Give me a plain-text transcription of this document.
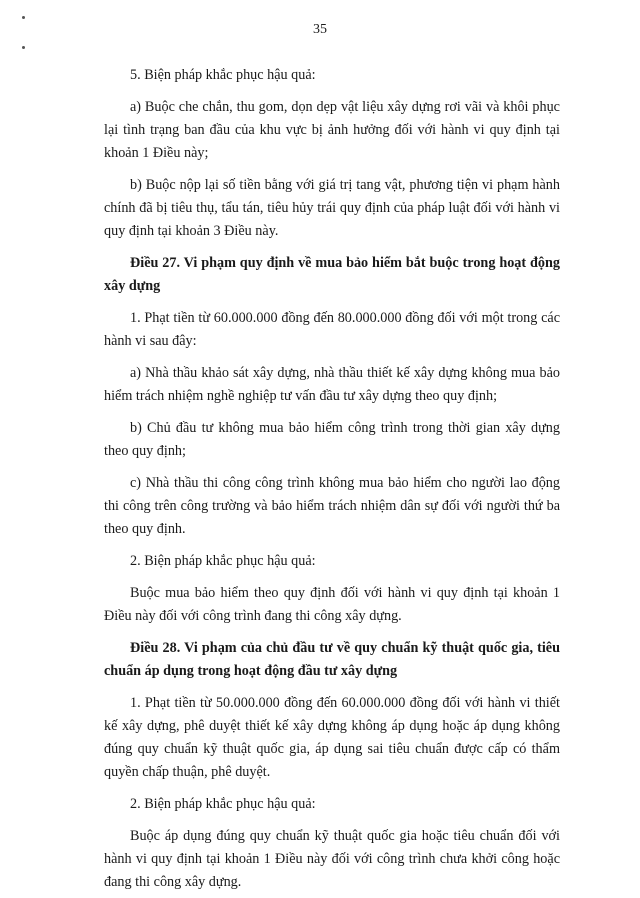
35

5. Biện pháp khắc phục hậu quả:

a) Buộc che chắn, thu gom, dọn dẹp vật liệu xây dựng rơi vãi và khôi phục lại tình trạng ban đầu của khu vực bị ảnh hưởng đối với hành vi quy định tại khoản 1 Điều này;

b) Buộc nộp lại số tiền bằng với giá trị tang vật, phương tiện vi phạm hành chính đã bị tiêu thụ, tẩu tán, tiêu hủy trái quy định của pháp luật đối với hành vi quy định tại khoản 3 Điều này.

Điều 27. Vi phạm quy định về mua bảo hiểm bắt buộc trong hoạt động xây dựng

1. Phạt tiền từ 60.000.000 đồng đến 80.000.000 đồng đối với một trong các hành vi sau đây:

a) Nhà thầu khảo sát xây dựng, nhà thầu thiết kế xây dựng không mua bảo hiểm trách nhiệm nghề nghiệp tư vấn đầu tư xây dựng theo quy định;

b) Chủ đầu tư không mua bảo hiểm công trình trong thời gian xây dựng theo quy định;

c) Nhà thầu thi công công trình không mua bảo hiểm cho người lao động thi công trên công trường và bảo hiểm trách nhiệm dân sự đối với người thứ ba theo quy định.

2. Biện pháp khắc phục hậu quả:

Buộc mua bảo hiểm theo quy định đối với hành vi quy định tại khoản 1 Điều này đối với công trình đang thi công xây dựng.

Điều 28. Vi phạm của chủ đầu tư về quy chuẩn kỹ thuật quốc gia, tiêu chuẩn áp dụng trong hoạt động đầu tư xây dựng

1. Phạt tiền từ 50.000.000 đồng đến 60.000.000 đồng đối với hành vi thiết kế xây dựng, phê duyệt thiết kế xây dựng không áp dụng hoặc áp dụng không đúng quy chuẩn kỹ thuật quốc gia, áp dụng sai tiêu chuẩn được cấp có thẩm quyền chấp thuận, phê duyệt.

2. Biện pháp khắc phục hậu quả:

Buộc áp dụng đúng quy chuẩn kỹ thuật quốc gia hoặc tiêu chuẩn đối với hành vi quy định tại khoản 1 Điều này đối với công trình chưa khởi công hoặc đang thi công xây dựng.
